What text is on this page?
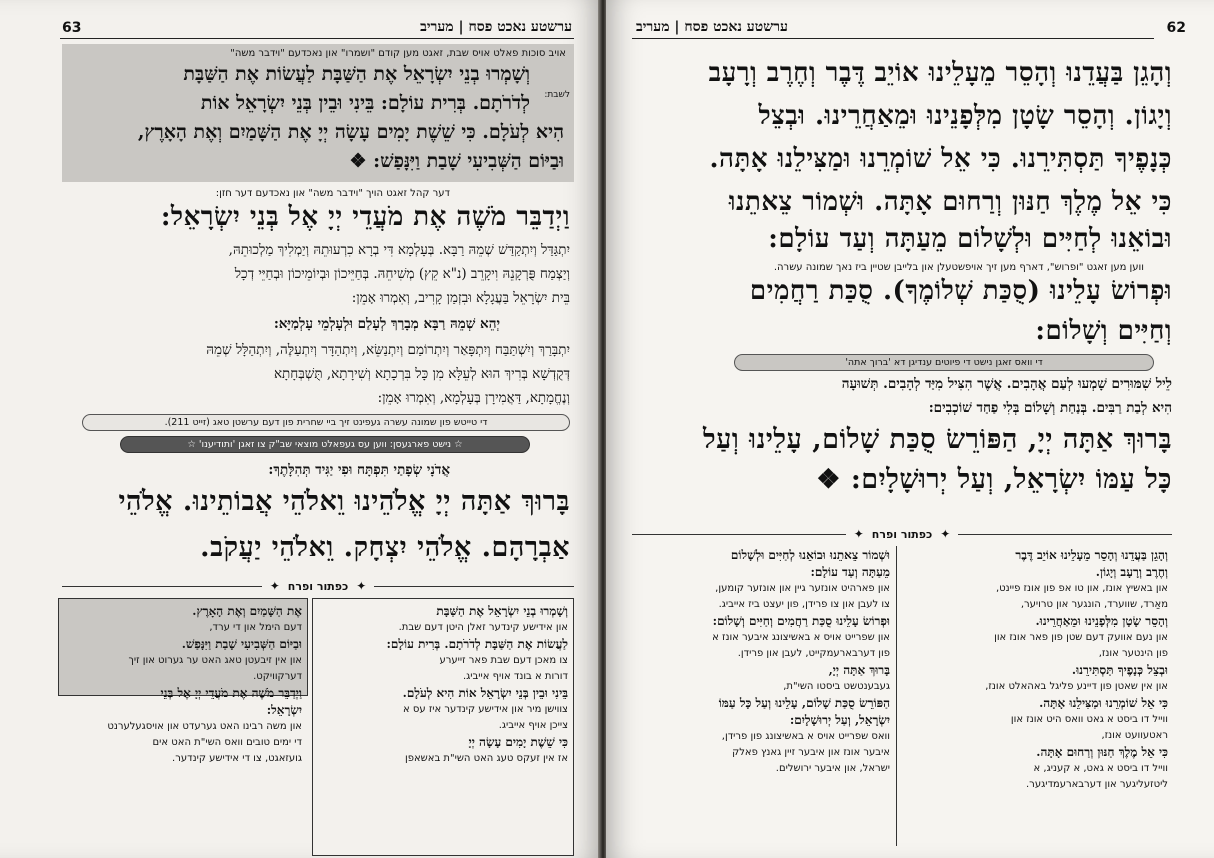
63	ערשטע נאכט פסח | מעריב
אויב סוכות פאלט אויס שבת, זאגט מען קודם "ושמרו" און נאכדעם "וידבר משה"
לשבת:
וְשָׁמְרוּ בְנֵי יִשְׂרָאֵל אֶת הַשַּׁבָּת לַעֲשׂוֹת אֶת הַשַּׁבָּת
לְדֹרֹתָם. בְּרִית עוֹלָם: בֵּינִי וּבֵין בְּנֵי יִשְׂרָאֵל אוֹת
הִיא לְעֹלָם. כִּי שֵׁשֶׁת יָמִים עָשָׂה יְיָ אֶת הַשָּׁמַיִם וְאֶת הָאָרֶץ,
וּבַיּוֹם הַשְּׁבִיעִי שָׁבַת וַיִּנָּפַשׁ: ❖
דער קהל זאגט הויך "וידבר משה" און נאכדעם דער חזן:
וַיְדַבֵּר מֹשֶׁה אֶת מֹעֲדֵי יְיָ אֶל בְּנֵי יִשְׂרָאֵל:
יִתְגַּדַּל וְיִתְקַדַּשׁ שְׁמֵהּ רַבָּא. בְּעָלְמָא דִּי בְרָא כִרְעוּתֵהּ וְיַמְלִיךְ מַלְכוּתֵהּ,
וְיַצְמַח פֻּרְקָנֵהּ וִיקָרֵב (נ"א קֵץ) מְשִׁיחֵהּ. בְּחַיֵּיכוֹן וּבְיוֹמֵיכוֹן וּבְחַיֵּי דְכָל
בֵּית יִשְׂרָאֵל בַּעֲגָלָא וּבִזְמַן קָרִיב, וְאִמְרוּ אָמֵן:
יְהֵא שְׁמֵהּ רַבָּא מְבָרַךְ לְעָלַם וּלְעָלְמֵי עָלְמַיָּא:
יִתְבָּרַךְ וְיִשְׁתַּבַּח וְיִתְפָּאַר וְיִתְרוֹמַם וְיִתְנַשֵּׂא, וְיִתְהַדָּר וְיִתְעַלֶּה, וְיִתְהַלָּל שְׁמֵהּ
דְּקֻדְשָׁא בְּרִיךְ הוּא לְעֵלָּא מִן כָּל בִּרְכָתָא וְשִׁירָתָא, תֻּשְׁבְּחָתָא
וְנֶחֱמָתָא, דַּאֲמִירָן בְּעָלְמָא, וְאִמְרוּ אָמֵן:
די טייטש פון שמונה עשרה געפינט זיך ביי שחרית פון דעם ערשטן טאג (זייט 211).
☆ נישט פארגעסן: ווען עס געפאלט מוצאי שב"ק צו זאגן 'ותודיענו' ☆
אֲדֹנָי שְׂפָתַי תִּפְתָּח וּפִי יַגִּיד תְּהִלָּתֶךָ:
בָּרוּךְ אַתָּה יְיָ אֱלֹהֵינוּ וֵאלֹהֵי אֲבוֹתֵינוּ. אֱלֹהֵי
אַבְרָהָם. אֱלֹהֵי יִצְחָק. וֵאלֹהֵי יַעֲקֹב.
✦
כפתור ופרח
✦
וְשָׁמְרוּ בְנֵי יִשְׂרָאֵל אֶת הַשַּׁבָּת
און אידישע קינדער זאלן היטן דעם שבת.
לַעֲשׂוֹת אֶת הַשַּׁבָּת לְדֹרֹתָם. בְּרִית עוֹלָם:
צו מאכן דעם שבת פאר זייערע
דורות א בונד אויף אייביג.
בֵּינִי וּבֵין בְּנֵי יִשְׂרָאֵל אוֹת הִיא לְעֹלָם.
צווישן מיר און אידישע קינדער איז עס א
צייכן אויף אייביג.
כִּי שֵׁשֶׁת יָמִים עָשָׂה יְיָ
אז אין זעקס טעג האט השי"ת באשאפן
אֶת הַשָּׁמַיִם וְאֶת הָאָרֶץ.
דעם הימל און די ערד,
וּבַיּוֹם הַשְּׁבִיעִי שָׁבַת וַיִּנָּפַשׁ.
און אין זיבעטן טאג האט ער גערוט און זיך
דערקוויקט.
וַיְדַבֵּר מֹשֶׁה אֶת מֹעֲדֵי יְיָ אֶל בְּנֵי
יִשְׂרָאֵל:
און משה רבינו האט גערעדט און אויסגעלערנט
די ימים טובים וואס השי"ת האט אים
גועזאגט, צו די אידישע קינדער.
62
ערשטע נאכט פסח | מעריב
וְהָגֵן בַּעֲדֵנוּ וְהָסֵר מֵעָלֵינוּ אוֹיֵב דֶּבֶר וְחֶרֶב וְרָעָב
וְיָגוֹן. וְהָסֵר שָׂטָן מִלְּפָנֵינוּ וּמֵאַחֲרֵינוּ. וּבְצֵל
כְּנָפֶיךָ תַּסְתִּירֵנוּ. כִּי אֵל שׁוֹמְרֵנוּ וּמַצִּילֵנוּ אָתָּה.
כִּי אֵל מֶלֶךְ חַנּוּן וְרַחוּם אָתָּה. וּשְׁמוֹר צֵאתֵנוּ
וּבוֹאֵנוּ לְחַיִּים וּלְשָׁלוֹם מֵעַתָּה וְעַד עוֹלָם:
ווען מען זאגט "ופרוש", דארף מען זיך אויפשטעלן און בלייבן שטיין ביז נאך שמונה עשרה.
וּפְרוֹשׂ עָלֵינוּ (סֻכַּת שְׁלוֹמֶךָ). סֻכַּת רַחֲמִים
וְחַיִּים וְשָׁלוֹם:
די וואס זאגן נישט די פיוטים ענדיגן דא 'ברוך אתה'
לֵיל שִׁמּוּרִים שָׁמְעוּ לְעַם אֲהָבִים. אֲשֶׁר הִצִּיל מִיַּד לְהָבִים. תְּשׁוּעָה
הִיא לְבַת רַבִּים. בְּנַחַת וְשָׁלוֹם בְּלִי פַחַד שׁוֹכְבִים:
בָּרוּךְ אַתָּה יְיָ, הַפּוֹרֵשׂ סֻכַּת שָׁלוֹם, עָלֵינוּ וְעַל
כָּל עַמּוֹ יִשְׂרָאֵל, וְעַל יְרוּשָׁלָיִם: ❖
✦
כפתור ופרח
✦
וְהָגֵן בַּעֲדֵנוּ וְהָסֵר מֵעָלֵינוּ אוֹיֵב דֶּבֶר
וְחֶרֶב וְרָעָב וְיָגוֹן.
און באשיץ אונז, און טו אפ פון אונז פיינט,
מאַרד, שווערד, הונגער און טרויער,
וְהָסֵר שָׂטָן מִלְּפָנֵינוּ וּמֵאַחֲרֵינוּ.
און נעם אוועק דעם שטן פון פאר אונז און
פון הינטער אונז,
וּבְצֵל כְּנָפֶיךָ תַּסְתִּירֵנוּ.
און אין שאטן פון דיינע פליגל באהאלט אונז,
כִּי אֵל שׁוֹמְרֵנוּ וּמַצִּילֵנוּ אָתָּה.
ווייל דו ביסט א גאט וואס היט אונז און
ראטעוועט אונז,
כִּי אֵל מֶלֶךְ חַנּוּן וְרַחוּם אָתָּה.
ווייל דו ביסט א גאט, א קעניג, א
ליטזעליגער און דערבארעמדיגער.
וּשְׁמוֹר צֵאתֵנוּ וּבוֹאֵנוּ לְחַיִּים וּלְשָׁלוֹם
מֵעַתָּה וְעַד עוֹלָם:
און פארהיט אונזער גיין און אונזער קומען,
צו לעבן און צו פרידן, פון יעצט ביז אייביג.
וּפְרוֹשׂ עָלֵינוּ סֻכַּת רַחֲמִים וְחַיִּים וְשָׁלוֹם:
און שפרייט אויס א באשיצונג איבער אונז א
פון דערבארעמקייט, לעבן און פרידן.
בָּרוּךְ אַתָּה יְיָ,
געבענטשט ביסטו השי"ת,
הַפּוֹרֵשׂ סֻכַּת שָׁלוֹם, עָלֵינוּ וְעַל כָּל עַמּוֹ
יִשְׂרָאֵל, וְעַל יְרוּשָׁלָיִם:
וואס שפרייט אויס א באשיצונג פון פרידן,
איבער אונז און איבער זיין גאנץ פאלק
ישראל, און איבער ירושלים.
